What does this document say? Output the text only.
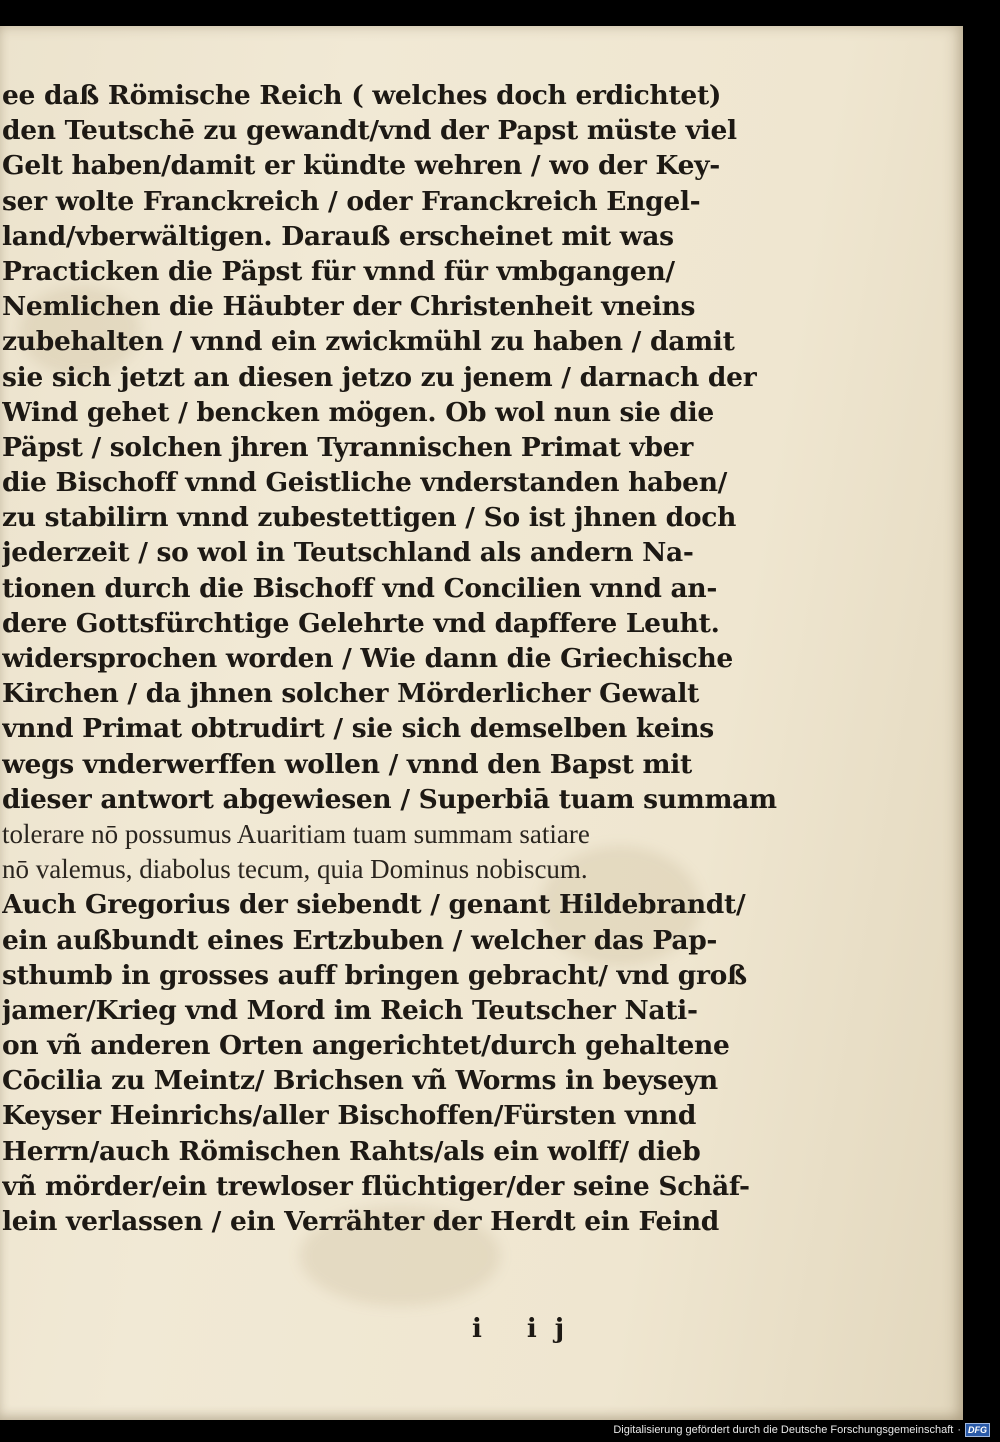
ee daß Römische Reich ( welches doch erdichtet)
den Teutschē zu gewandt/vnd der Papst müste viel
Gelt haben/damit er kündte wehren / wo der Key-
ser wolte Franckreich / oder Franckreich Engel-
land/vberwältigen. Darauß erscheinet mit was
Practicken die Päpst für vnnd für vmbgangen/
Nemlichen die Häubter der Christenheit vneins
zubehalten / vnnd ein zwickmühl zu haben / damit
sie sich jetzt an diesen jetzo zu jenem / darnach der
Wind gehet / bencken mögen. Ob wol nun sie die
Päpst / solchen jhren Tyrannischen Primat vber
die Bischoff vnnd Geistliche vnderstanden haben/
zu stabilirn vnnd zubestettigen / So ist jhnen doch
jederzeit / so wol in Teutschland als andern Na-
tionen durch die Bischoff vnd Concilien vnnd an-
dere Gottsfürchtige Gelehrte vnd dapffere Leuht.
widersprochen worden / Wie dann die Griechische
Kirchen / da jhnen solcher Mörderlicher Gewalt
vnnd Primat obtrudirt / sie sich demselben keins
wegs vnderwerffen wollen / vnnd den Bapst mit
dieser antwort abgewiesen / Superbiā tuam summam
tolerare nō possumus Auaritiam tuam summam satiare
nō valemus, diabolus tecum, quia Dominus nobiscum.
Auch Gregorius der siebendt / genant Hildebrandt/
ein außbundt eines Ertzbuben / welcher das Pap-
sthumb in grosses auff bringen gebracht/ vnd groß
jamer/Krieg vnd Mord im Reich Teutscher Nati-
on vñ anderen Orten angerichtet/durch gehaltene
Cōcilia zu Meintz/ Brichsen vñ Worms in beyseyn
Keyser Heinrichs/aller Bischoffen/Fürsten vnnd
Herrn/auch Römischen Rahts/als ein wolff/ dieb
vñ mörder/ein trewloser flüchtiger/der seine Schäf-
lein verlassen / ein Verrähter der Herdt ein Feind
i ij
Digitalisierung gefördert durch die Deutsche Forschungsgemeinschaft · DFG
